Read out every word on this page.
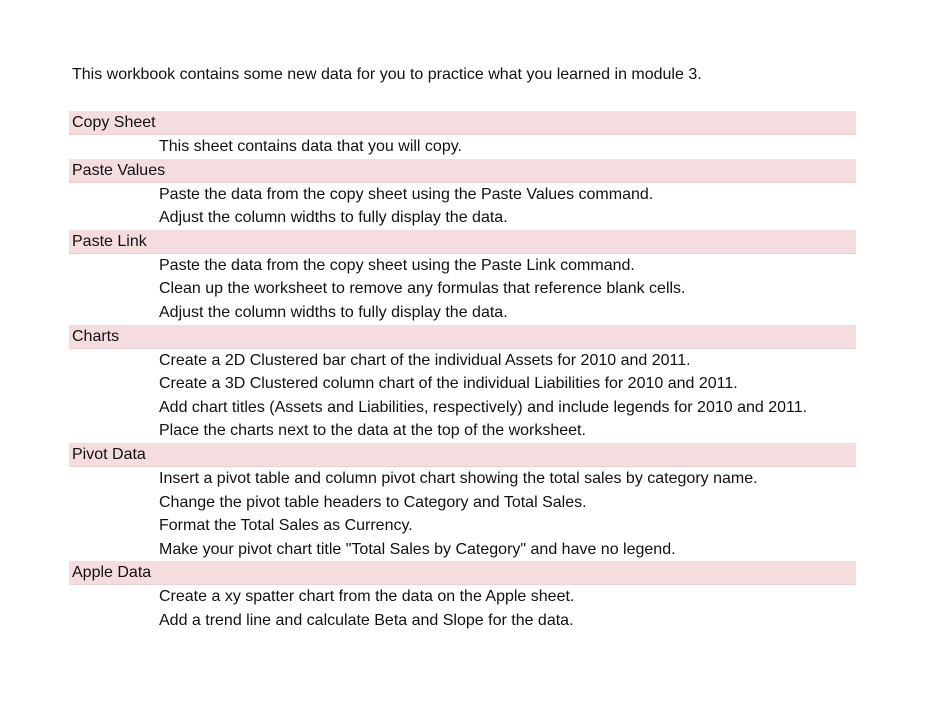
This workbook contains some new data for you to practice what you learned in module 3.
Copy Sheet
This sheet contains data that you will copy.
Paste Values
Paste the data from the copy sheet using the Paste Values command.
Adjust the column widths to fully display the data.
Paste Link
Paste the data from the copy sheet using the Paste Link command.
Clean up the worksheet to remove any formulas that reference blank cells.
Adjust the column widths to fully display the data.
Charts
Create a 2D Clustered bar chart of the individual Assets for 2010 and 2011.
Create a 3D Clustered column chart of the individual Liabilities for 2010 and 2011.
Add chart titles (Assets and Liabilities, respectively) and include legends for 2010 and 2011.
Place the charts next to the data at the top of the worksheet.
Pivot Data
Insert a pivot table and column pivot chart showing the total sales by category name.
Change the pivot table headers to Category and Total Sales.
Format the Total Sales as Currency.
Make your pivot chart title "Total Sales by Category" and have no legend.
Apple Data
Create a xy spatter chart from the data on the Apple sheet.
Add a trend line and calculate Beta and Slope for the data.
